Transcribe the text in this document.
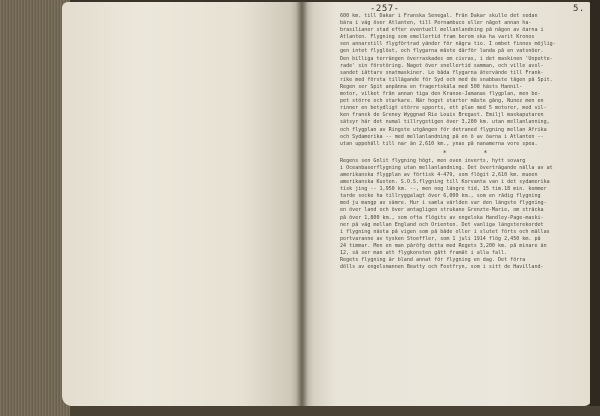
-257-	5.
600 km. till Dakar i Franska Senegal. Från Dakar skulle det sedan
bära i väg över Atlanten, till Pernambuco eller något annan ha-
brasilianer stad efter eventuell mellanlandning på någon av öarna i
Atlanten. Flygning som emellertid fram berom ska ha varit Kronos
sen annarstill flygförtrad yänder för några tio. I ombet finnes möjlig-
gen intet flyglöst, och flygarna måste därför landa på en vatsnöer.
Den billiga terrängen överraskades om civras, i det maskinen 'Unpotte-
rade' sin förstöring. Nagot över snellertid samman, och ville avsl-
sandet iåttarv snatmaskiner. Le båda flygarna återvände till Frank-
rike med första tillägande för Syd och med de snabbaste tågen på Spit.
Regen ser Spit anpånna en fragertskäla med 500 hästs Hannil-
motor, vilket från annan tiga den Kranoe-Jamanas flygplan, men be-
pet större och starkare. När hogst starter måste gång, Nunez men en
rinner en betydligt större spports, ett plan med 5 motorer, med vil-
ken fransk de Greney Wyggnad Rie Louis Bregast. Emiljl maskaputaren
sätsyr här det numal tillrygstigen över 3,200 km. utan mellanlanning,
och flygplan av Ringste utgången för detraned flygning mellan Afrika
och Sydamerika -- med mellanlandning på en ö av öarna i Atlanten --
utan uppehåll till nar än 2,610 km., ynas på nanamerna vore spea.
*	*
Regens sen Gnlit flygning högt, men oven inverts, hytt sovarg
i Oceanbaserflygning utan mellanlandning. Det överträgande nälla av at
amerikanska flygplan av förtisk 4-479, som flögit 2,610 km. mueen
amerikanska Kusten. S.O.S.flygning till Korvanta van i det sydamerika
tisk jing -- 1,950 km. --, men nog längre tid, 15 tim.18 min. kommer
tarde socke ha tillryggalagt över 6,000 km., som en rådig flygning
med ju mangp av sämre. Hur i samla världen var den längste flygning-
en över land och över antagligen strukane Grenzte-Marie, om sträcka
på över 1,800 km., som ofta flögits av engelska Handley-Page-maski-
ner på väg mellan England och Orienten. Det vanliga längsterekordet
i flygning nästa på vigen som på både oller i slutet förts och mällas
portvaranne av tysken Stoeffler, som 1 juli 1914 flög 2,450 km. på
24 timmar. Men en man påröfg detta med Regets 3,200 km. på minare än
12, så ser man att flygkonsten gått framåt i alla fall.
Regets flygning är bland annat för flygning en dag. Det förra
dölls av engelsmannen Beatty och Fostfryn, som i sitt de Havilland-
